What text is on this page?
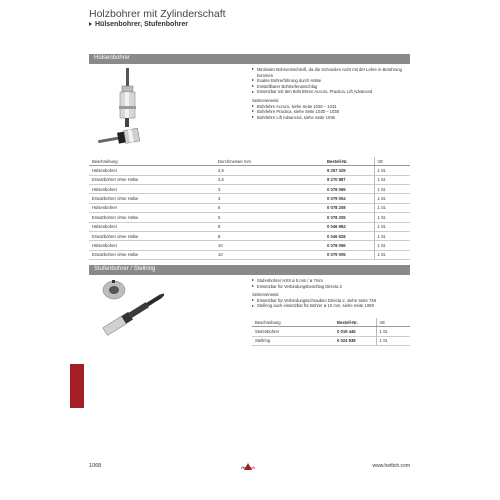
Holzbohrer mit Zylinderschaft
Hülsenbohrer, Stufenbohrer
Hülsenbohrer
Minimaler Bohrversschleiß, da die Schneiden nicht mit der Lehre in Berührung kommen
Exakte Bohrerführung durch Hülse
Einstellbarer Bohrtiefenanschlag
Einsetzbar mit den Bohrlehren Accuro, Practica, Lift Advanced
Seitenverweis:
Bohrlehre Accuro, siehe Seite 1026 – 1031
Bohrlehre Practica, siehe Seite 1030 – 1038
Bohrlehre Lift Advanced, siehe Seite 1036
Beschreibung	Durchmesser mm	Bestell-Nr.	VE
Hülsenbohrer	2,5	9 257 329	1 St.
Ersatzbohrer ohne Hülse	2,5	9 270 887	1 St.
Hülsenbohrer	3	0 078 065	1 St.
Ersatzbohrer ohne Hülse	3	0 079 004	1 St.
Hülsenbohrer	5	0 078 208	1 St.
Ersatzbohrer ohne Hülse	5	0 078 209	1 St.
Hülsenbohrer	8	0 046 984	1 St.
Ersatzbohrer ohne Hülse	8	0 046 628	1 St.
Hülsenbohrer	10	0 078 096	1 St.
Ersatzbohrer ohne Hülse	10	0 079 005	1 St.
Stufenbohrer / Stellring
Stufenbohrer HSS ø 5 mm / ø 7mm
Einsetzbar für Verbindungsbeschlag Directa 2
Seitenverweis:
Einsetzbar für Verbindungsschrauben Directa 2, siehe Seite 748
Stellring auch einsetzbar für Bohrer ø 10 mm, siehe Seite 1069
Beschreibung	Bestell-Nr.	VE
Stufenbohrer	0 019 446	1 St.
Stellring	0 024 838	1 St.
1068	Hettich	www.hettich.com
